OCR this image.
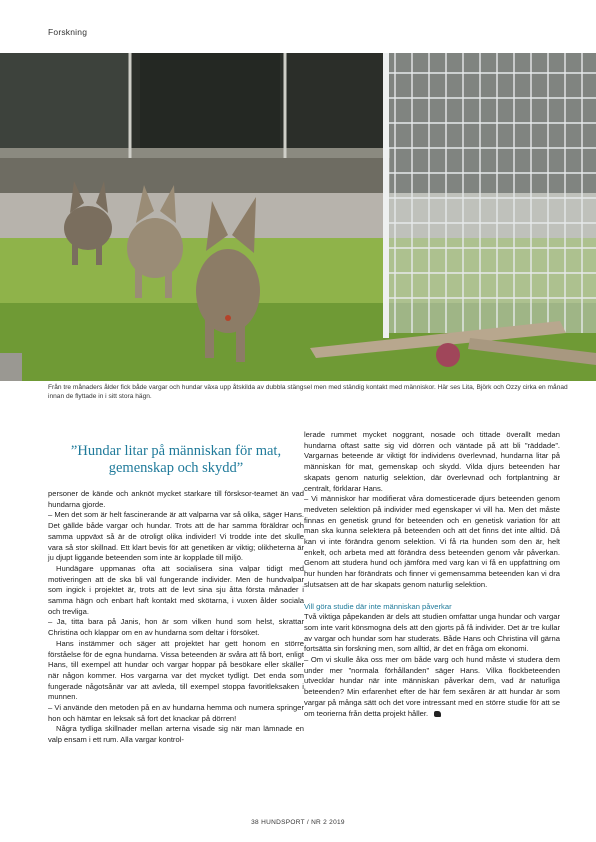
Forskning
Från tre månaders ålder fick både vargar och hundar växa upp åtskilda av dubbla stängsel men med ständig kontakt med människor. Här ses Lita, Björk och Ozzy cirka en månad innan de flyttade in i sitt stora hägn.
”Hundar litar på människan för mat, gemenskap och skydd”

personer de kände och anknöt mycket starkare till försksor-teamet än vad hundarna gjorde.

– Men det som är helt fascinerande är att valparna var så olika, säger Hans. Det gällde både vargar och hundar. Trots att de har samma föräldrar och samma uppväxt så är de otroligt olika individer! Vi trodde inte det skulle vara så stor skillnad. Ett klart bevis för att genetiken är viktig; olikheterna är ju djupt liggande beteenden som inte är kopplade till miljö.

Hundägare uppmanas ofta att socialisera sina valpar tidigt med motiveringen att de ska bli väl fungerande individer. Men de hundvalpar som ingick i projektet är, trots att de levt sina sju åtta första månader i samma hägn och enbart haft kontakt med skötarna, i vuxen ålder sociala och trevliga.

– Ja, titta bara på Janis, hon är som vilken hund som helst, skrattar Christina och klappar om en av hundarna som deltar i försöket.

Hans instämmer och säger att projektet har gett honom en större förståelse för de egna hundarna. Vissa beteenden är svåra att få bort, enligt Hans, till exempel att hundar och vargar hoppar på besökare eller skäller när någon kommer. Hos vargarna var det mycket tydligt. Det enda som fungerade någotsånär var att avleda, till exempel stoppa favoritleksaken i munnen.

– Vi använde den metoden på en av hundarna hemma och numera springer hon och hämtar en leksak så fort det knackar på dörren!

Några tydliga skillnader mellan arterna visade sig när man lämnade en valp ensam i ett rum. Alla vargar kontrol-

lerade rummet mycket noggrant, nosade och tittade överallt medan hundarna oftast satte sig vid dörren och väntade på att bli ”räddade”. Vargarnas beteende är viktigt för individens överlevnad, hundarna litar på människan för mat, gemenskap och skydd. Vilda djurs beteenden har skapats genom naturlig selektion, där överlevnad och fortplantning är centralt, förklarar Hans.

– Vi människor har modifierat våra domesticerade djurs beteenden genom medveten selektion på individer med egenskaper vi vill ha. Men det måste finnas en genetisk grund för beteenden och en genetisk variation för att man ska kunna selektera på beteenden och att det finns det inte alltid. Då kan vi inte förändra genom selektion. Vi få rta hunden som den är, helt enkelt, och arbeta med att förändra dess beteenden genom vår påverkan. Genom att studera hund och jämföra med varg kan vi få en uppfattning om hur hunden har förändrats och finner vi gemensamma beteenden kan vi dra slutsatsen att de har skapats genom naturlig selektion.

Vill göra studie där inte människan påverkar

Två viktiga påpekanden är dels att studien omfattar unga hundar och vargar som inte varit könsmogna dels att den gjorts på få individer. Det är tre kullar av vargar och hundar som har studerats. Både Hans och Christina vill gärna fortsätta sin forskning men, som alltid, är det en fråga om ekonomi.

– Om vi skulle åka oss mer om både varg och hund måste vi studera dem under mer ”normala förhållanden” säger Hans. Vilka flockbeteenden utvecklar hundar när inte människan påverkar dem, vad är naturliga beteenden? Min erfarenhet efter de här fem sexåren är att hundar är som vargar på många sätt och det vore intressant med en större studie för att se om teorierna från detta projekt håller.

38 HUNDSPORT / NR 2 2019
